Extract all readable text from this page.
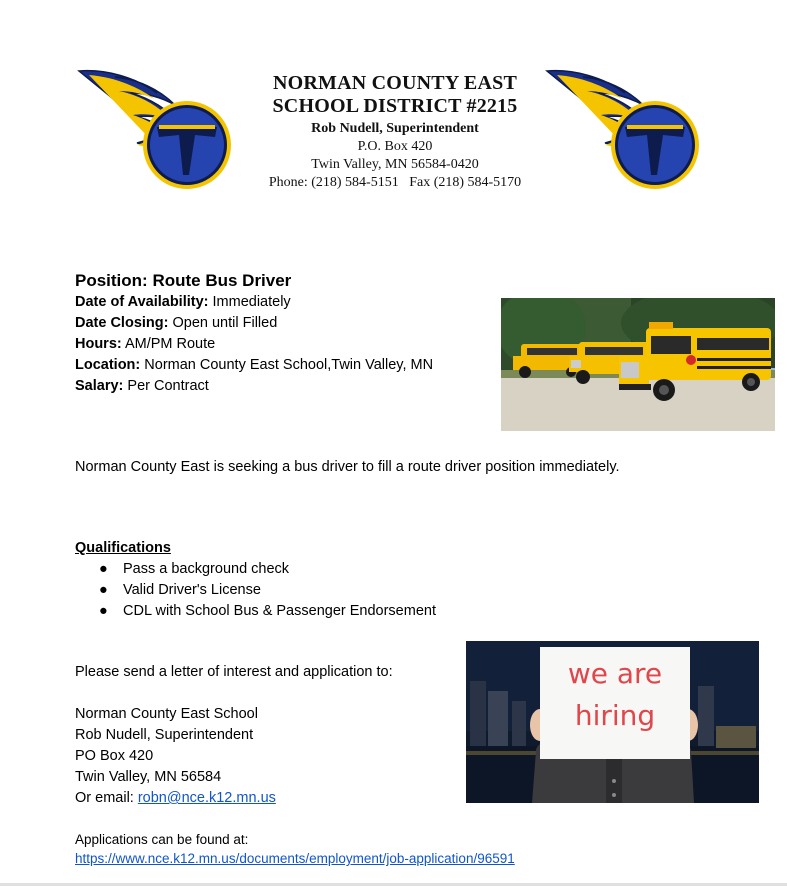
NORMAN COUNTY EAST
SCHOOL DISTRICT #2215
Rob Nudell, Superintendent
P.O. Box 420
Twin Valley, MN 56584-0420
Phone: (218) 584-5151   Fax (218) 584-5170
Position: Route Bus Driver
Date of Availability: Immediately
Date Closing: Open until Filled
Hours: AM/PM Route
Location: Norman County East School,Twin Valley, MN
Salary: Per Contract
Norman County East is seeking a bus driver to fill a route driver position immediately.
Qualifications
● Pass a background check
● Valid Driver's License
● CDL with School Bus & Passenger Endorsement
Please send a letter of interest and application to:
Norman County East School
Rob Nudell, Superintendent
PO Box 420
Twin Valley, MN 56584
Or email: robn@nce.k12.mn.us
we are
hiring
Applications can be found at:
https://www.nce.k12.mn.us/documents/employment/job-application/96591
